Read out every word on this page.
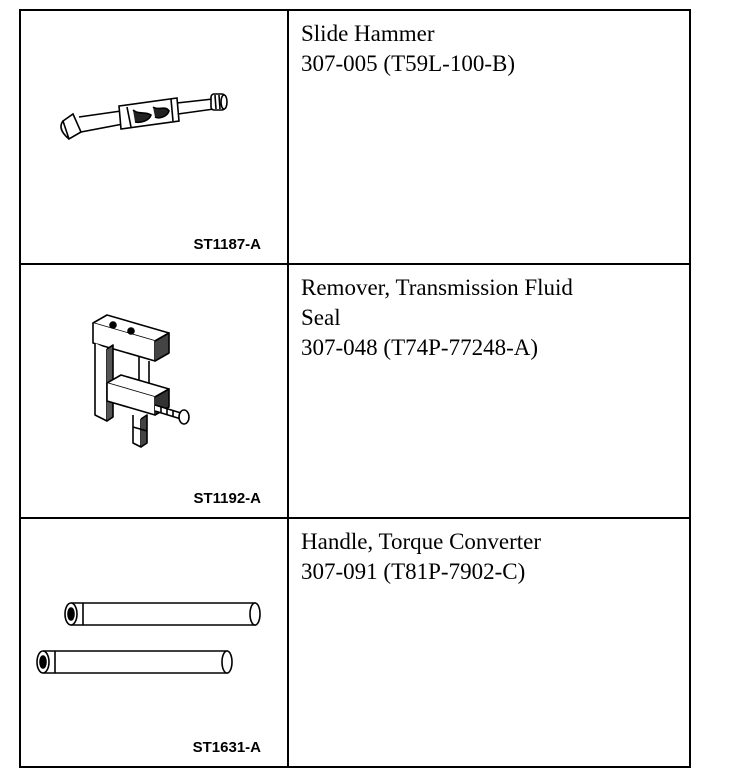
ST1187-A	Slide Hammer
307-005 (T59L-100-B)

ST1192-A	Remover, Transmission Fluid
Seal
307-048 (T74P-77248-A)

ST1631-A	Handle, Torque Converter
307-091 (T81P-7902-C)
